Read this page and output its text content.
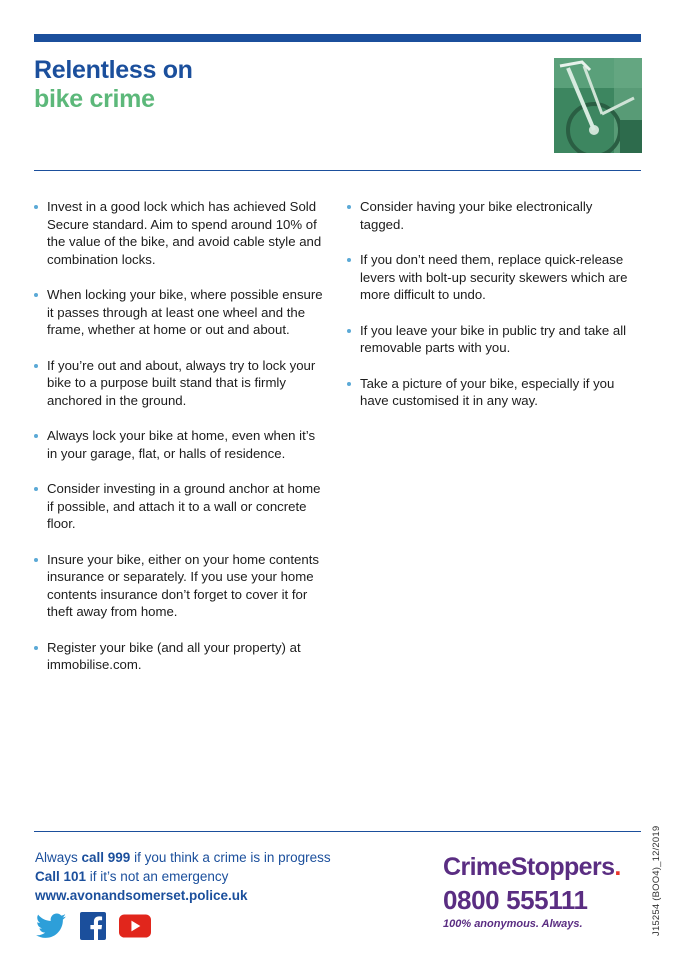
Relentless on
bike crime
Invest in a good lock which has achieved Sold Secure standard. Aim to spend around 10% of the value of the bike, and avoid cable style and combination locks.
When locking your bike, where possible ensure it passes through at least one wheel and the frame, whether at home or out and about.
If you’re out and about, always try to lock your bike to a purpose built stand that is firmly anchored in the ground.
Always lock your bike at home, even when it’s in your garage, flat, or halls of residence.
Consider investing in a ground anchor at home if possible, and attach it to a wall or concrete floor.
Insure your bike, either on your home contents insurance or separately. If you use your home contents insurance don’t forget to cover it for theft away from home.
Register your bike (and all your property) at immobilise.com.
Consider having your bike electronically tagged.
If you don’t need them, replace quick-release levers with bolt-up security skewers which are more difficult to undo.
If you leave your bike in public try and take all removable parts with you.
Take a picture of your bike, especially if you have customised it in any way.
Always call 999 if you think a crime is in progress
Call 101 if it’s not an emergency
www.avonandsomerset.police.uk
CrimeStoppers.
0800 555111
100% anonymous. Always.	J15254 (BOO4)_12/2019
